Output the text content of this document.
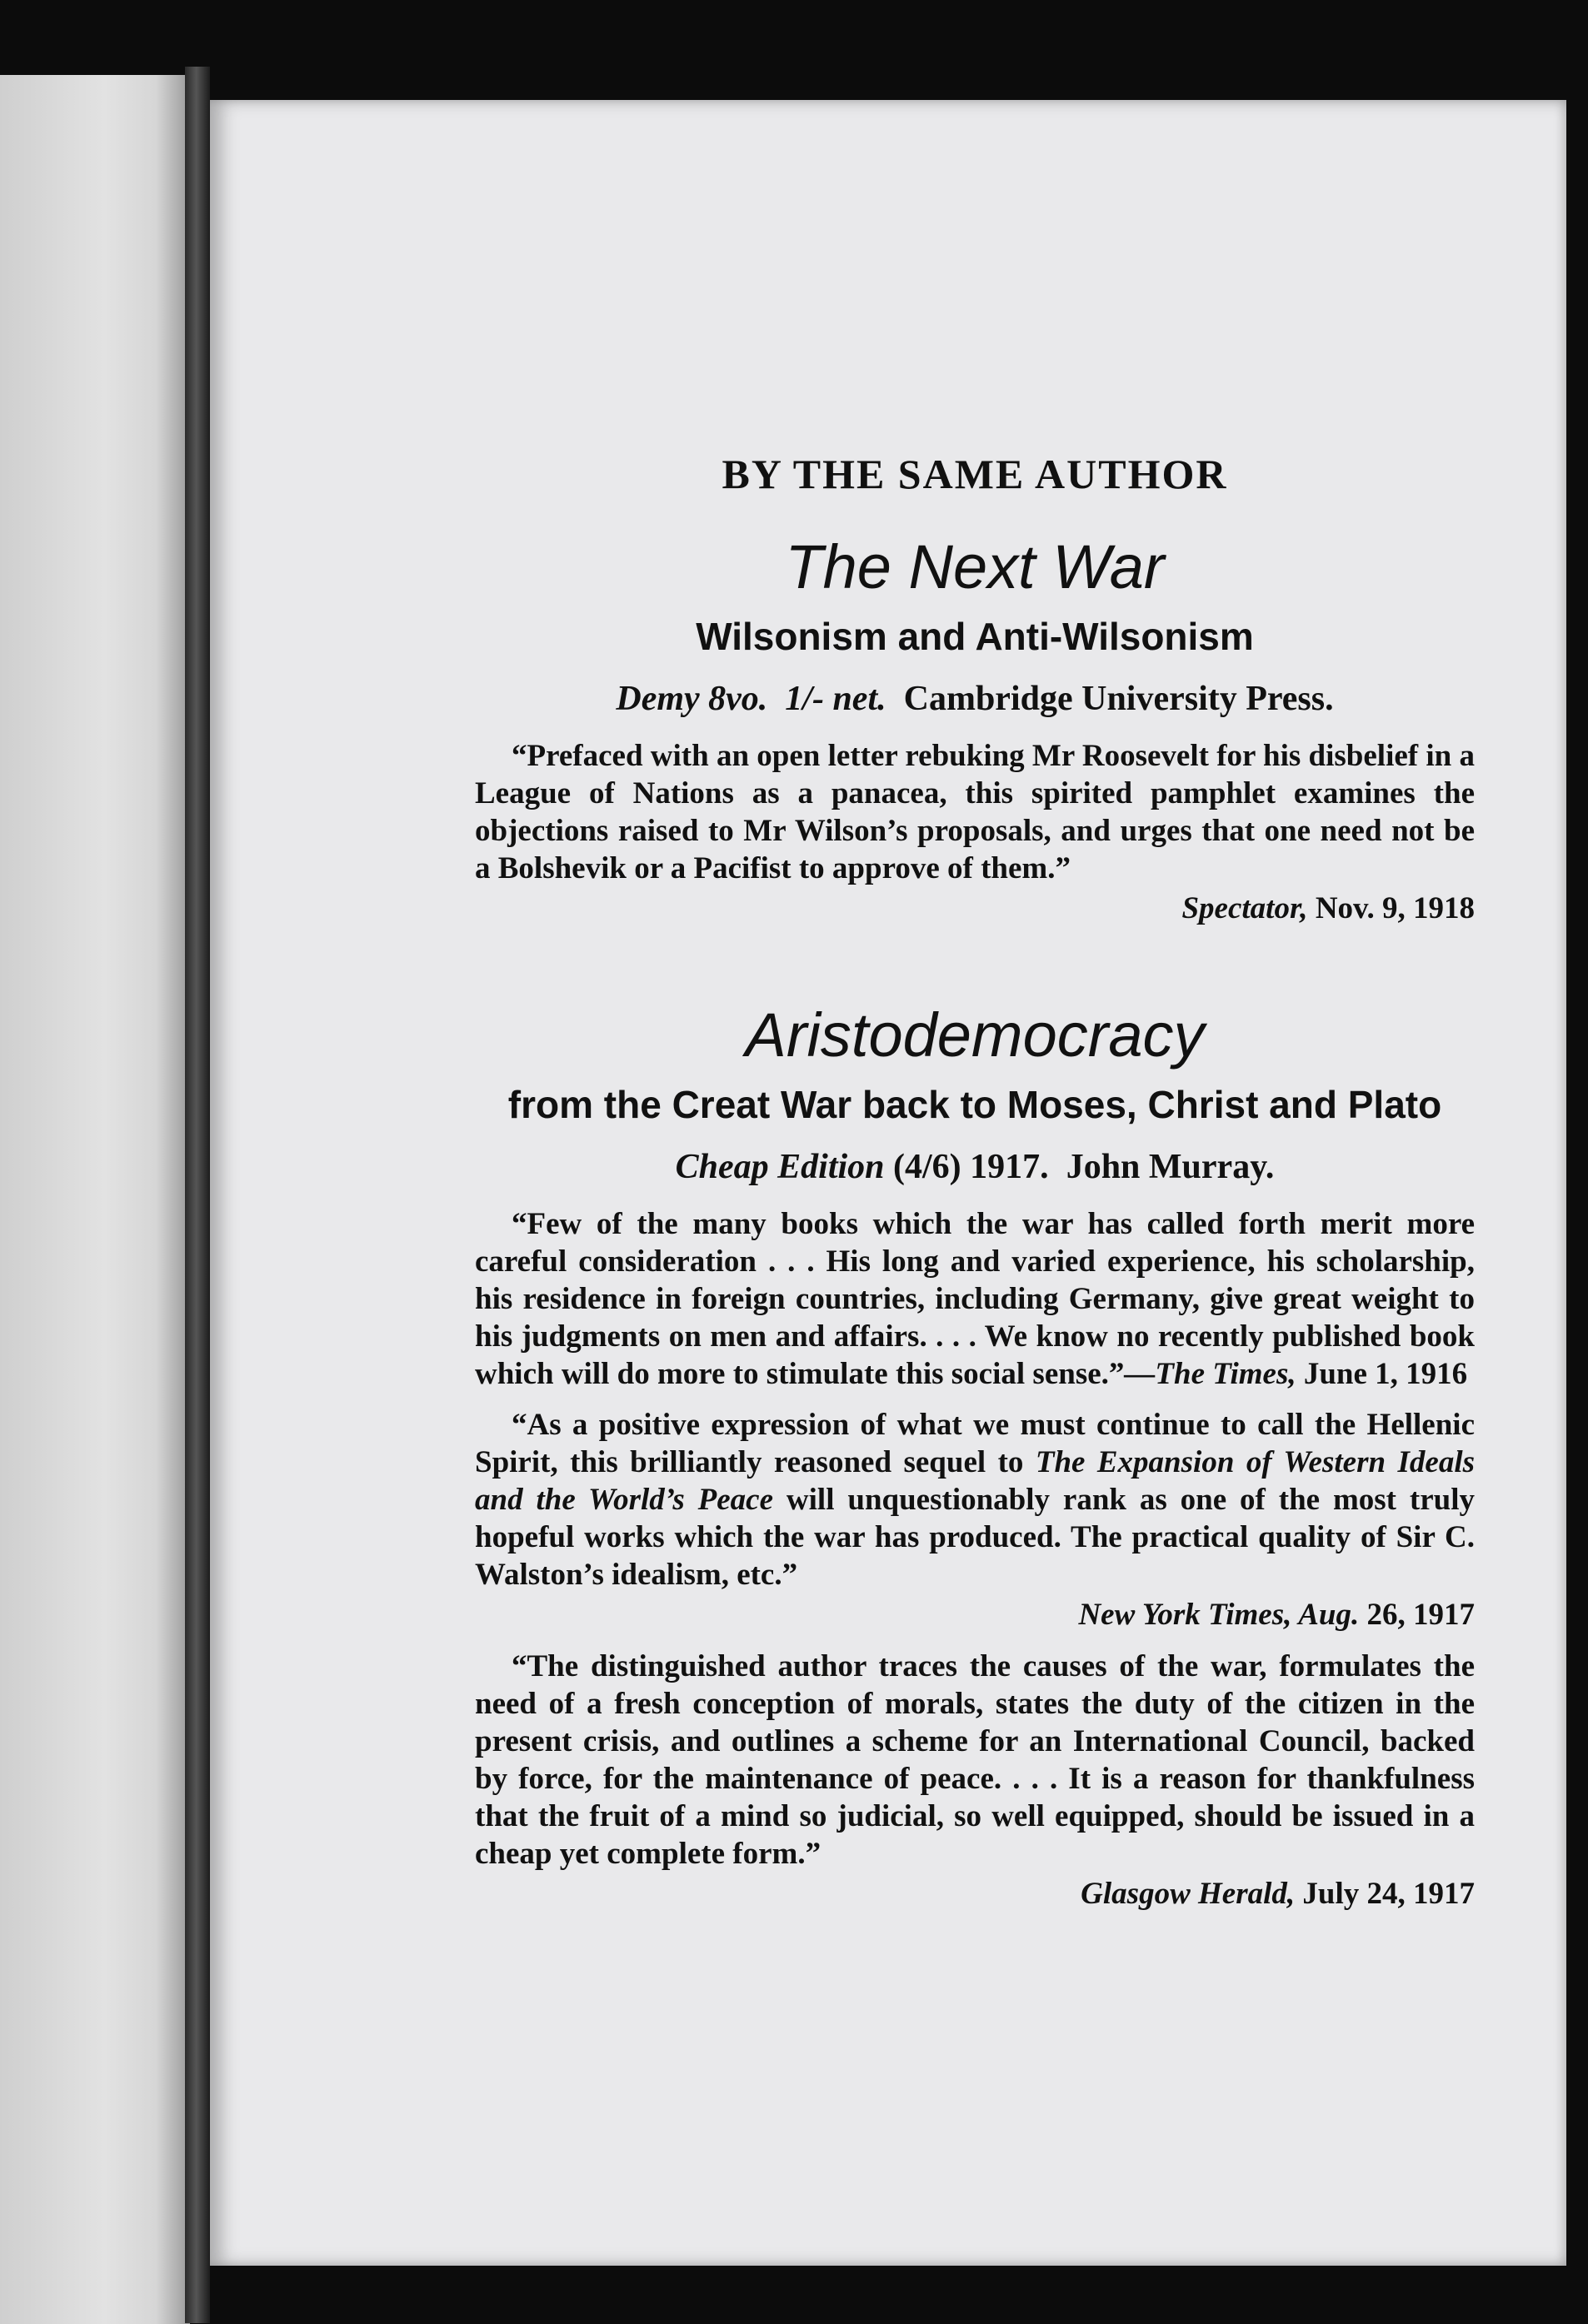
BY THE SAME AUTHOR
The Next War
Wilsonism and Anti-Wilsonism
Demy 8vo. 1/- net. Cambridge University Press.

“Prefaced with an open letter rebuking Mr Roosevelt for his disbelief in a League of Nations as a panacea, this spirited pamphlet examines the objections raised to Mr Wilson’s proposals, and urges that one need not be a Bolshevik or a Pacifist to approve of them.”

Spectator, Nov. 9, 1918
Aristodemocracy
from the Creat War back to Moses, Christ and Plato
Cheap Edition (4/6) 1917. John Murray.

“Few of the many books which the war has called forth merit more careful consideration . . . His long and varied experience, his scholarship, his residence in foreign countries, including Germany, give great weight to his judgments on men and affairs. . . . We know no recently published book which will do more to stimulate this social sense.”—The Times, June 1, 1916

“As a positive expression of what we must continue to call the Hellenic Spirit, this brilliantly reasoned sequel to The Expansion of Western Ideals and the World’s Peace will unquestionably rank as one of the most truly hopeful works which the war has produced. The practical quality of Sir C. Walston’s idealism, etc.”

New York Times, Aug. 26, 1917

“The distinguished author traces the causes of the war, formulates the need of a fresh conception of morals, states the duty of the citizen in the present crisis, and outlines a scheme for an International Council, backed by force, for the maintenance of peace. . . . It is a reason for thankfulness that the fruit of a mind so judicial, so well equipped, should be issued in a cheap yet complete form.”

Glasgow Herald, July 24, 1917
